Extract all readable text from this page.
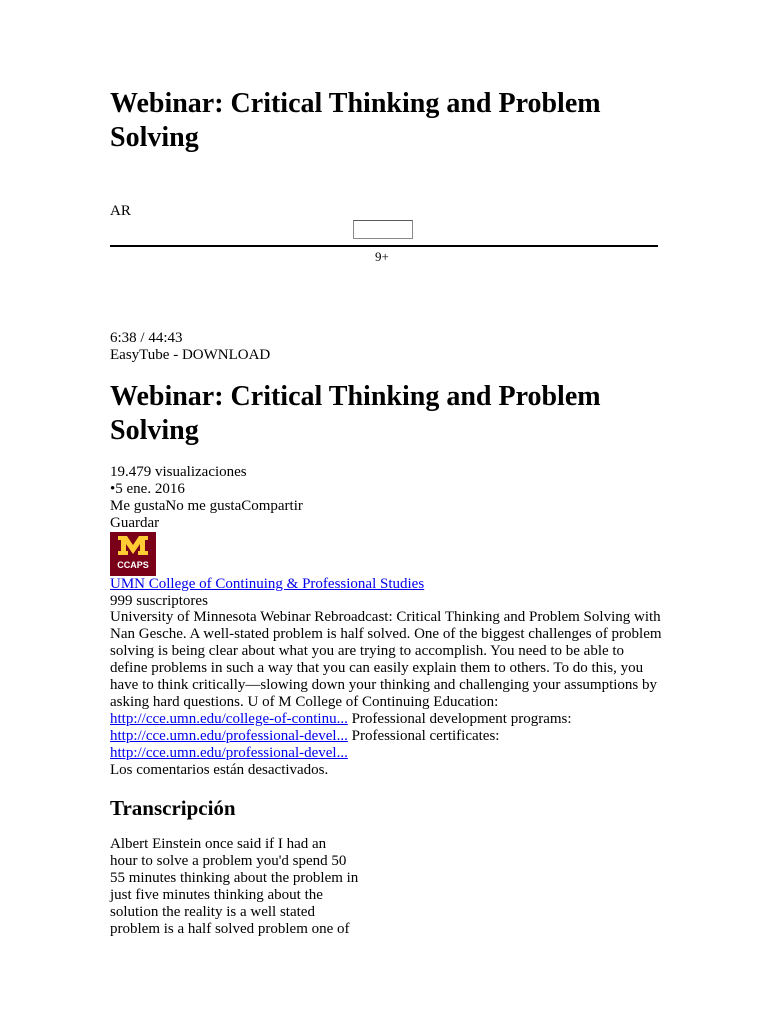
Webinar: Critical Thinking and Problem Solving
AR
9+
6:38 / 44:43
EasyTube - DOWNLOAD
Webinar: Critical Thinking and Problem Solving
19.479 visualizaciones
•5 ene. 2016
Me gustaNo me gustaCompartir
Guardar
CCAPS
UMN College of Continuing & Professional Studies
999 suscriptores

University of Minnesota Webinar Rebroadcast: Critical Thinking and Problem Solving with Nan Gesche. A well-stated problem is half solved. One of the biggest challenges of problem solving is being clear about what you are trying to accomplish. You need to be able to define problems in such a way that you can easily explain them to others. To do this, you have to think critically—slowing down your thinking and challenging your assumptions by asking hard questions. U of M College of Continuing Education:
http://cce.umn.edu/college-of-continu... Professional development programs:
http://cce.umn.edu/professional-devel... Professional certificates:
http://cce.umn.edu/professional-devel...

Los comentarios están desactivados.
Transcripción
Albert Einstein once said if I had an
hour to solve a problem you'd spend 50
55 minutes thinking about the problem in
just five minutes thinking about the
solution the reality is a well stated
problem is a half solved problem one of
